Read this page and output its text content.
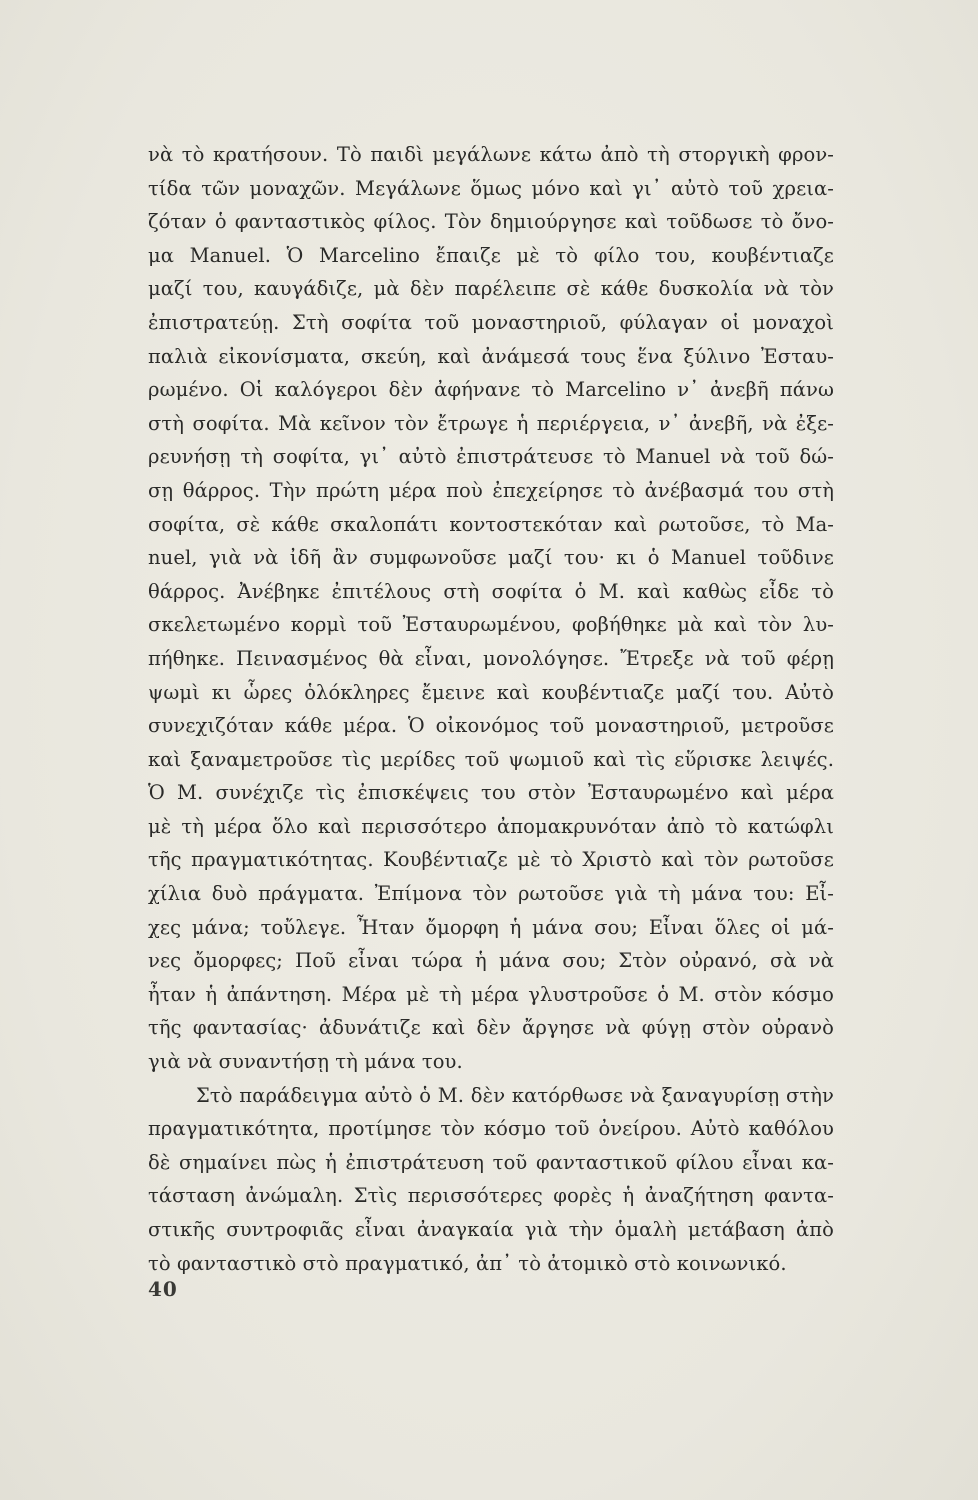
νὰ τὸ κρατήσουν. Τὸ παιδὶ μεγάλωνε κάτω ἀπὸ τὴ στοργικὴ φρον-
τίδα τῶν μοναχῶν. Μεγάλωνε ὅμως μόνο καὶ γι᾽ αὐτὸ τοῦ χρεια-
ζόταν ὁ φανταστικὸς φίλος. Τὸν δημιούργησε καὶ τοῦδωσε τὸ ὄνο-
μα Manuel. Ὁ Marcelino ἔπαιζε μὲ τὸ φίλο του, κουβέντιαζε
μαζί του, καυγάδιζε, μὰ δὲν παρέλειπε σὲ κάθε δυσκολία νὰ τὸν
ἐπιστρατεύῃ. Στὴ σοφίτα τοῦ μοναστηριοῦ, φύλαγαν οἱ μοναχοὶ
παλιὰ εἰκονίσματα, σκεύη, καὶ ἀνάμεσά τους ἕνα ξύλινο Ἐσταυ-
ρωμένο. Οἱ καλόγεροι δὲν ἀφήνανε τὸ Marcelino ν᾽ ἀνεβῆ πάνω
στὴ σοφίτα. Μὰ κεῖνον τὸν ἔτρωγε ἡ περιέργεια, ν᾽ ἀνεβῆ, νὰ ἐξε-
ρευνήσῃ τὴ σοφίτα, γι᾽ αὐτὸ ἐπιστράτευσε τὸ Manuel νὰ τοῦ δώ-
σῃ θάρρος. Τὴν πρώτη μέρα ποὺ ἐπεχείρησε τὸ ἀνέβασμά του στὴ
σοφίτα, σὲ κάθε σκαλοπάτι κοντοστεκόταν καὶ ρωτοῦσε, τὸ Ma-
nuel, γιὰ νὰ ἰδῆ ἂν συμφωνοῦσε μαζί του· κι ὁ Manuel τοῦδινε
θάρρος. Ἀνέβηκε ἐπιτέλους στὴ σοφίτα ὁ Μ. καὶ καθὼς εἶδε τὸ
σκελετωμένο κορμὶ τοῦ Ἐσταυρωμένου, φοβήθηκε μὰ καὶ τὸν λυ-
πήθηκε. Πεινασμένος θὰ εἶναι, μονολόγησε. Ἔτρεξε νὰ τοῦ φέρῃ
ψωμὶ κι ὧρες ὁλόκληρες ἔμεινε καὶ κουβέντιαζε μαζί του. Αὐτὸ
συνεχιζόταν κάθε μέρα. Ὁ οἰκονόμος τοῦ μοναστηριοῦ, μετροῦσε
καὶ ξαναμετροῦσε τὶς μερίδες τοῦ ψωμιοῦ καὶ τὶς εὕρισκε λειψές.
Ὁ Μ. συνέχιζε τὶς ἐπισκέψεις του στὸν Ἐσταυρωμένο καὶ μέρα
μὲ τὴ μέρα ὅλο καὶ περισσότερο ἀπομακρυνόταν ἀπὸ τὸ κατώφλι
τῆς πραγματικότητας. Κουβέντιαζε μὲ τὸ Χριστὸ καὶ τὸν ρωτοῦσε
χίλια δυὸ πράγματα. Ἐπίμονα τὸν ρωτοῦσε γιὰ τὴ μάνα του: Εἶ-
χες μάνα; τοὔλεγε. Ἦταν ὄμορφη ἡ μάνα σου; Εἶναι ὅλες οἱ μά-
νες ὄμορφες; Ποῦ εἶναι τώρα ἡ μάνα σου; Στὸν οὐρανό, σὰ νὰ
ἦταν ἡ ἀπάντηση. Μέρα μὲ τὴ μέρα γλυστροῦσε ὁ Μ. στὸν κόσμο
τῆς φαντασίας· ἀδυνάτιζε καὶ δὲν ἄργησε νὰ φύγῃ στὸν οὐρανὸ
γιὰ νὰ συναντήσῃ τὴ μάνα του.
Στὸ παράδειγμα αὐτὸ ὁ Μ. δὲν κατόρθωσε νὰ ξαναγυρίσῃ στὴν
πραγματικότητα, προτίμησε τὸν κόσμο τοῦ ὀνείρου. Αὐτὸ καθόλου
δὲ σημαίνει πὼς ἡ ἐπιστράτευση τοῦ φανταστικοῦ φίλου εἶναι κα-
τάσταση ἀνώμαλη. Στὶς περισσότερες φορὲς ἡ ἀναζήτηση φαντα-
στικῆς συντροφιᾶς εἶναι ἀναγκαία γιὰ τὴν ὁμαλὴ μετάβαση ἀπὸ
τὸ φανταστικὸ στὸ πραγματικό, ἀπ᾽ τὸ ἀτομικὸ στὸ κοινωνικό.
40
